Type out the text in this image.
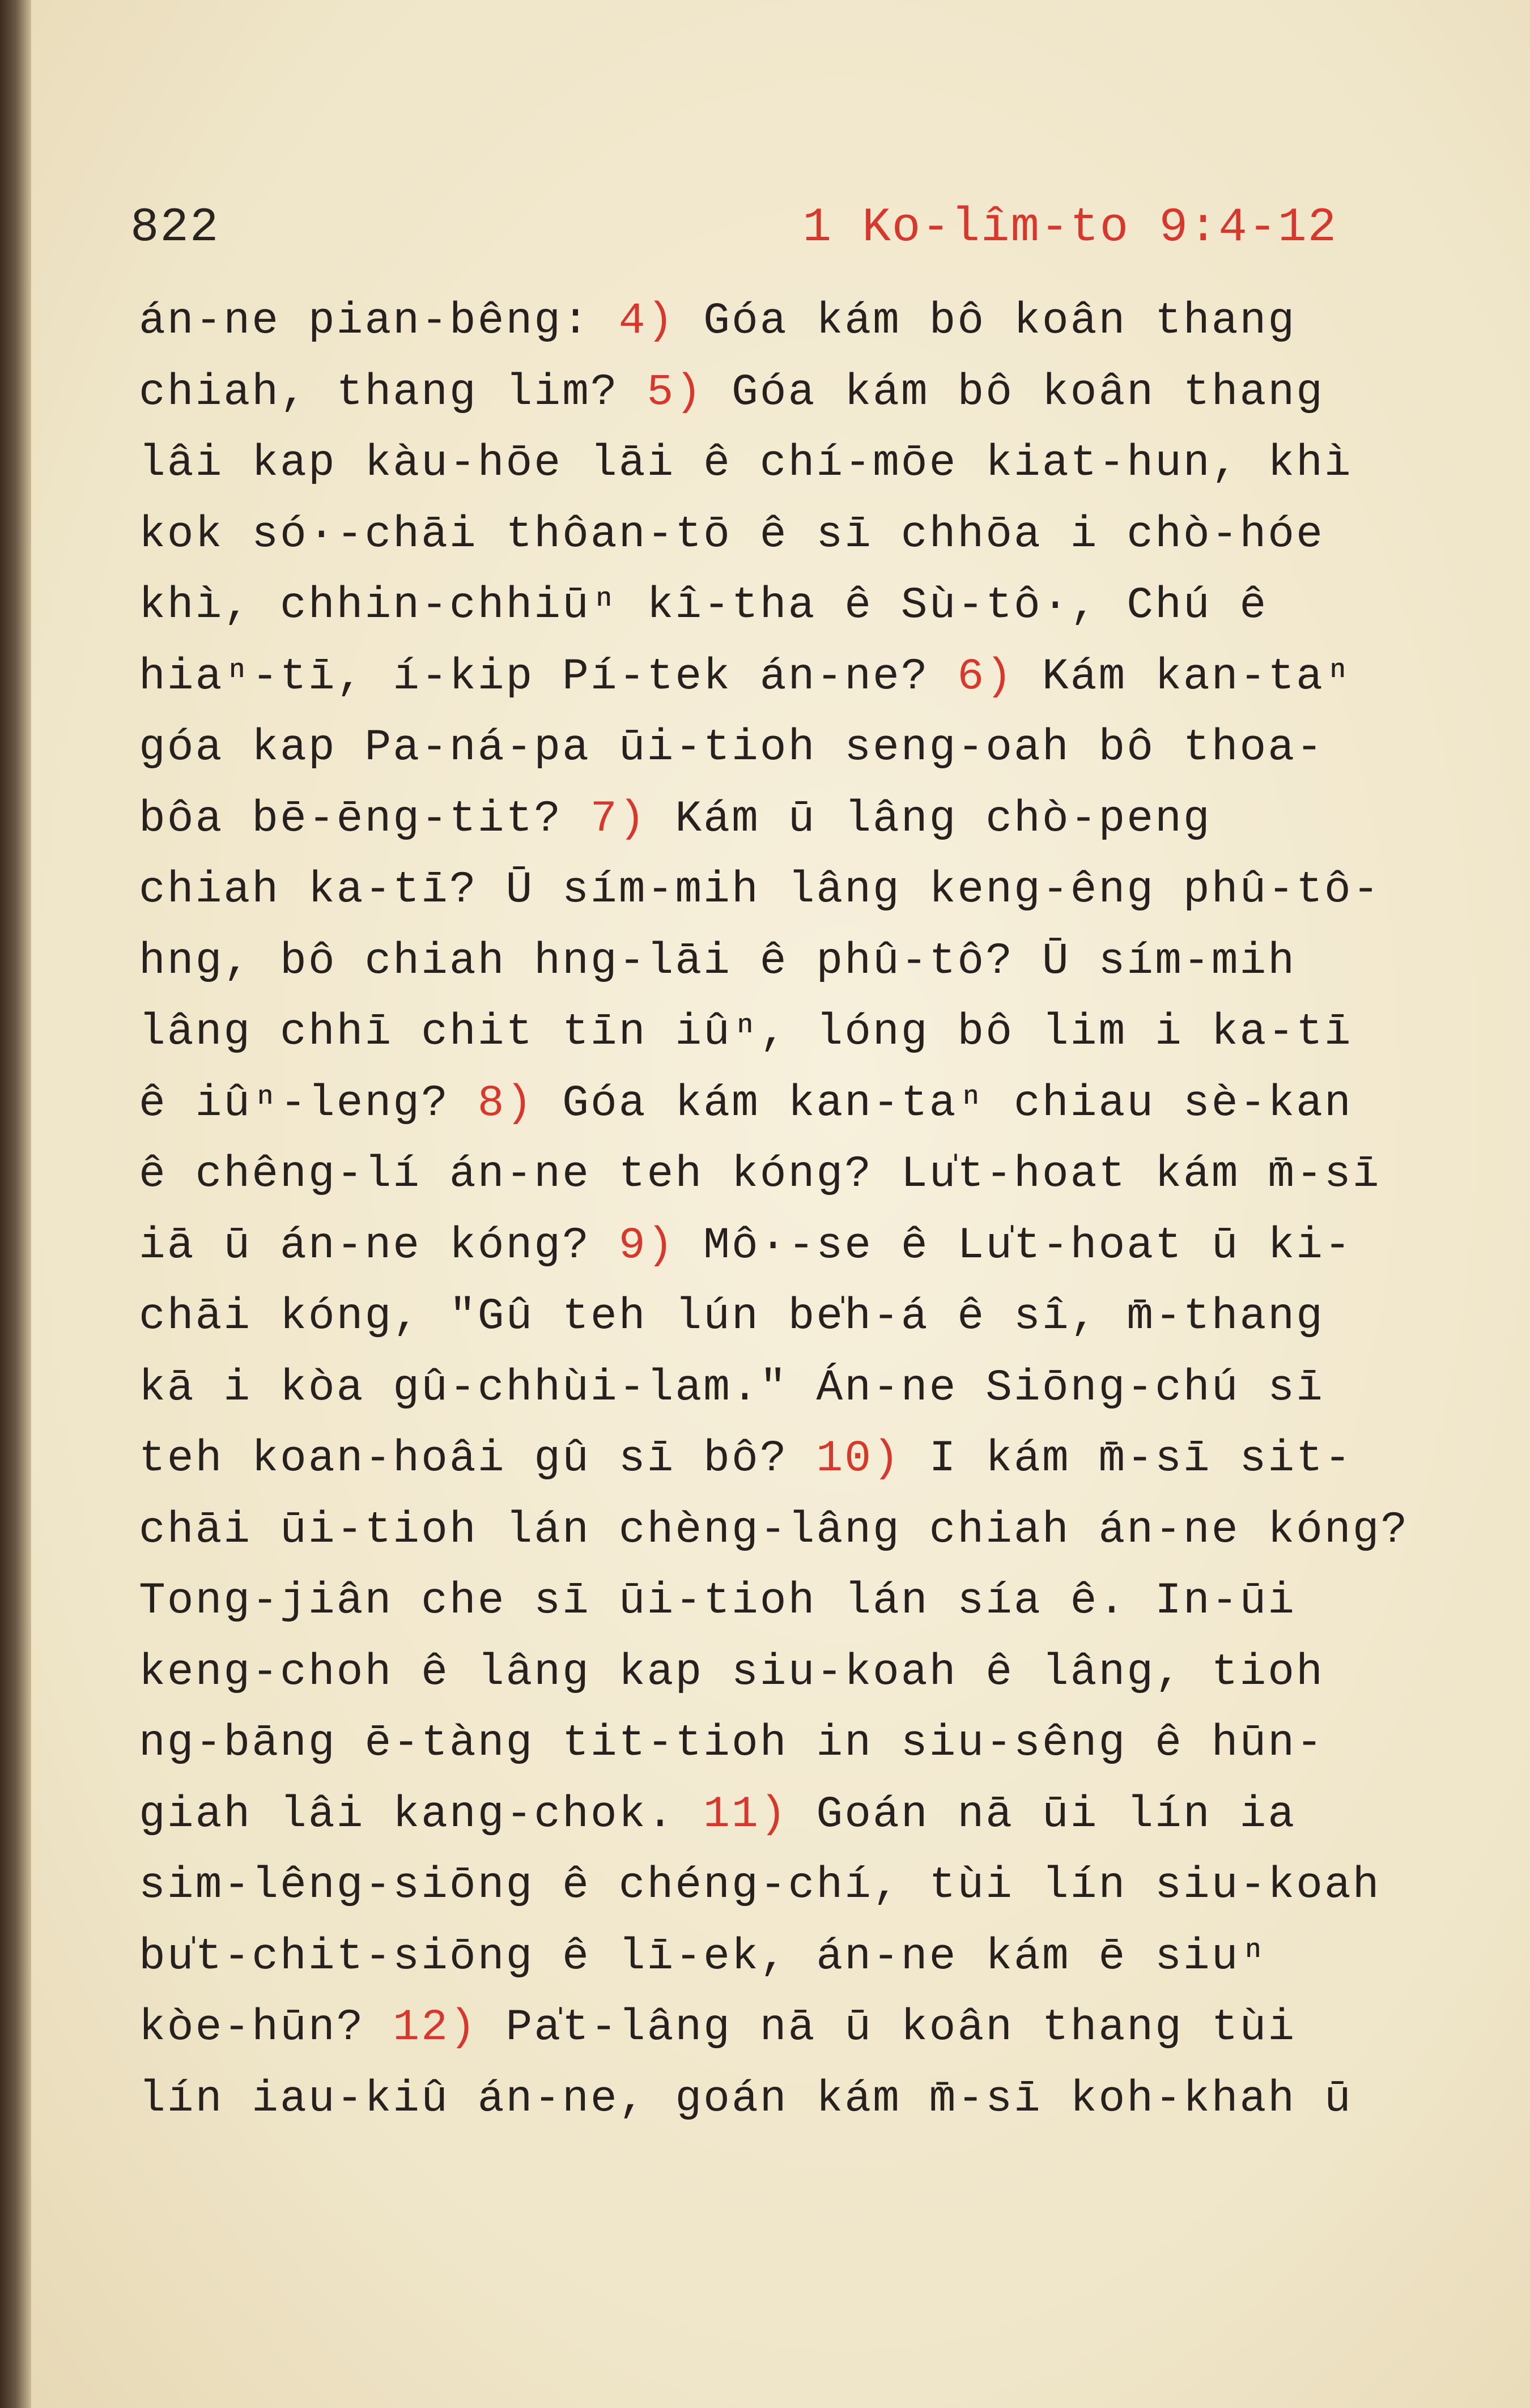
822	1 Ko-lîm-to 9:4-12
án-ne pian-bêng: 4) Góa kám bô koân thang
chiah, thang lim? 5) Góa kám bô koân thang
lâi kap kàu-hōe lāi ê chí-mōe kiat-hun, khì
kok só·-chāi thôan-tō ê sī chhōa i chò-hóe
khì, chhin-chhiūⁿ kî-tha ê Sù-tô·, Chú ê
hiaⁿ-tī, í-kip Pí-tek án-ne? 6) Kám kan-taⁿ
góa kap Pa-ná-pa ūi-tioh seng-oah bô thoa-
bôa bē-ēng-tit? 7) Kám ū lâng chò-peng
chiah ka-tī? Ū sím-mih lâng keng-êng phû-tô-
hng, bô chiah hng-lāi ê phû-tô? Ū sím-mih
lâng chhī chit tīn iûⁿ, lóng bô lim i ka-tī
ê iûⁿ-leng? 8) Góa kám kan-taⁿ chiau sè-kan
ê chêng-lí án-ne teh kóng? Lu̍t-hoat kám m̄-sī
iā ū án-ne kóng? 9) Mô·-se ê Lu̍t-hoat ū ki-
chāi kóng, "Gû teh lún be̍h-á ê sî, m̄-thang
kā i kòa gû-chhùi-lam." Án-ne Siōng-chú sī
teh koan-hoâi gû sī bô? 10) I kám m̄-sī sit-
chāi ūi-tioh lán chèng-lâng chiah án-ne kóng?
Tong-jiân che sī ūi-tioh lán sía ê. In-ūi
keng-choh ê lâng kap siu-koah ê lâng, tioh
ng-bāng ē-tàng tit-tioh in siu-sêng ê hūn-
giah lâi kang-chok. 11) Goán nā ūi lín ia
sim-lêng-siōng ê chéng-chí, tùi lín siu-koah
bu̍t-chit-siōng ê lī-ek, án-ne kám ē siuⁿ
kòe-hūn? 12) Pa̍t-lâng nā ū koân thang tùi
lín iau-kiû án-ne, goán kám m̄-sī koh-khah ū
